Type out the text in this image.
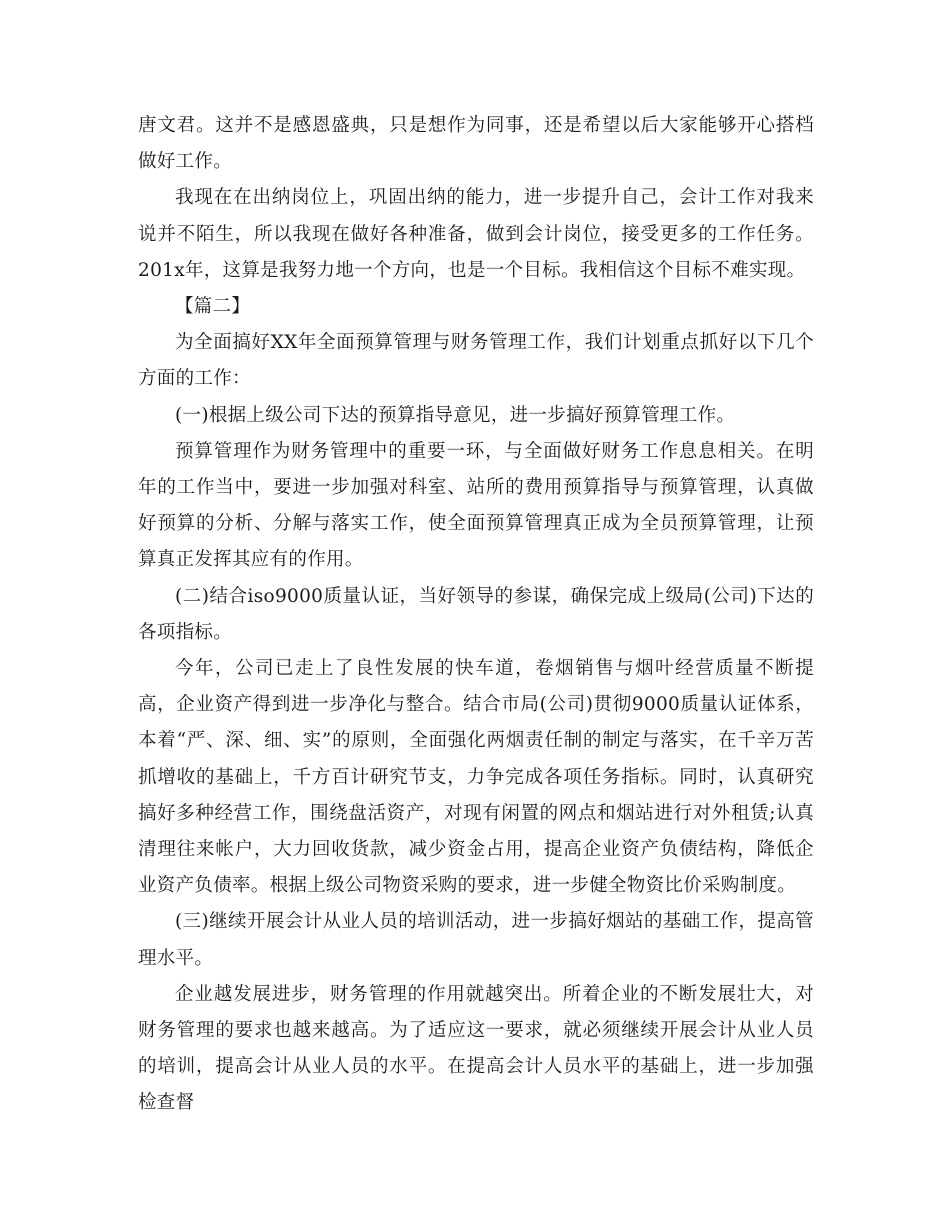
唐文君。这并不是感恩盛典，只是想作为同事，还是希望以后大家能够开心搭档做好工作。

我现在在出纳岗位上，巩固出纳的能力，进一步提升自己，会计工作对我来说并不陌生，所以我现在做好各种准备，做到会计岗位，接受更多的工作任务。201x年，这算是我努力地一个方向，也是一个目标。我相信这个目标不难实现。

【篇二】

为全面搞好XX年全面预算管理与财务管理工作，我们计划重点抓好以下几个方面的工作：

(一)根据上级公司下达的预算指导意见，进一步搞好预算管理工作。

预算管理作为财务管理中的重要一环，与全面做好财务工作息息相关。在明年的工作当中，要进一步加强对科室、站所的费用预算指导与预算管理，认真做好预算的分析、分解与落实工作，使全面预算管理真正成为全员预算管理，让预算真正发挥其应有的作用。

(二)结合iso9000质量认证，当好领导的参谋，确保完成上级局(公司)下达的各项指标。

今年，公司已走上了良性发展的快车道，卷烟销售与烟叶经营质量不断提高，企业资产得到进一步净化与整合。结合市局(公司)贯彻9000质量认证体系，本着“严、深、细、实”的原则，全面强化两烟责任制的制定与落实，在千辛万苦抓增收的基础上，千方百计研究节支，力争完成各项任务指标。同时，认真研究搞好多种经营工作，围绕盘活资产，对现有闲置的网点和烟站进行对外租赁;认真清理往来帐户，大力回收货款，减少资金占用，提高企业资产负债结构，降低企业资产负债率。根据上级公司物资采购的要求，进一步健全物资比价采购制度。

(三)继续开展会计从业人员的培训活动，进一步搞好烟站的基础工作，提高管理水平。

企业越发展进步，财务管理的作用就越突出。所着企业的不断发展壮大，对财务管理的要求也越来越高。为了适应这一要求，就必须继续开展会计从业人员的培训，提高会计从业人员的水平。在提高会计人员水平的基础上，进一步加强检查督
